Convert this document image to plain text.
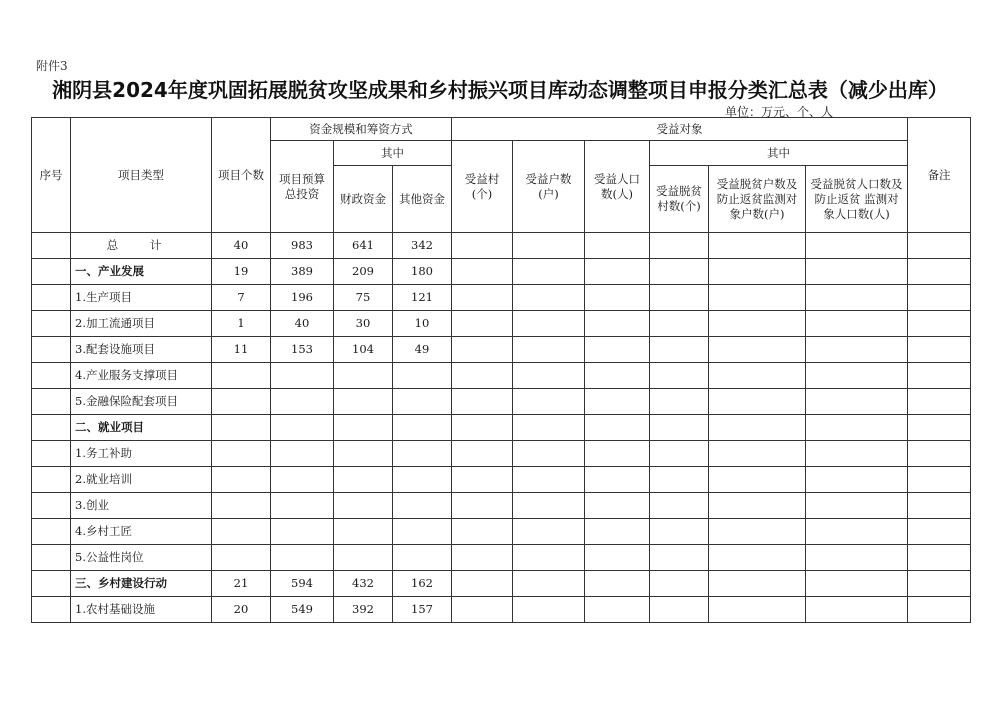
附件3
湘阴县2024年度巩固拓展脱贫攻坚成果和乡村振兴项目库动态调整项目申报分类汇总表（减少出库）
单位：万元、个、人
序号	项目类型	项目个数	资金规模和筹资方式			受益对象						备注
			项目预算总投资	其中		受益村(个)	受益户数(户)	受益人口数(人)	其中			
				财政资金	其他资金				受益脱贫村数(个)	受益脱贫户数及防止返贫监测对象户数(户)	受益脱贫人口数及防止返贫 监测对象人口数(人)	
	总 计	40	983	641	342							
	一、产业发展	19	389	209	180							
	1.生产项目	7	196	75	121							
	2.加工流通项目	1	40	30	10							
	3.配套设施项目	11	153	104	49							
	4.产业服务支撑项目											
	5.金融保险配套项目											
	二、就业项目											
	1.务工补助											
	2.就业培训											
	3.创业											
	4.乡村工匠											
	5.公益性岗位											
	三、乡村建设行动	21	594	432	162							
	1.农村基础设施	20	549	392	157							
